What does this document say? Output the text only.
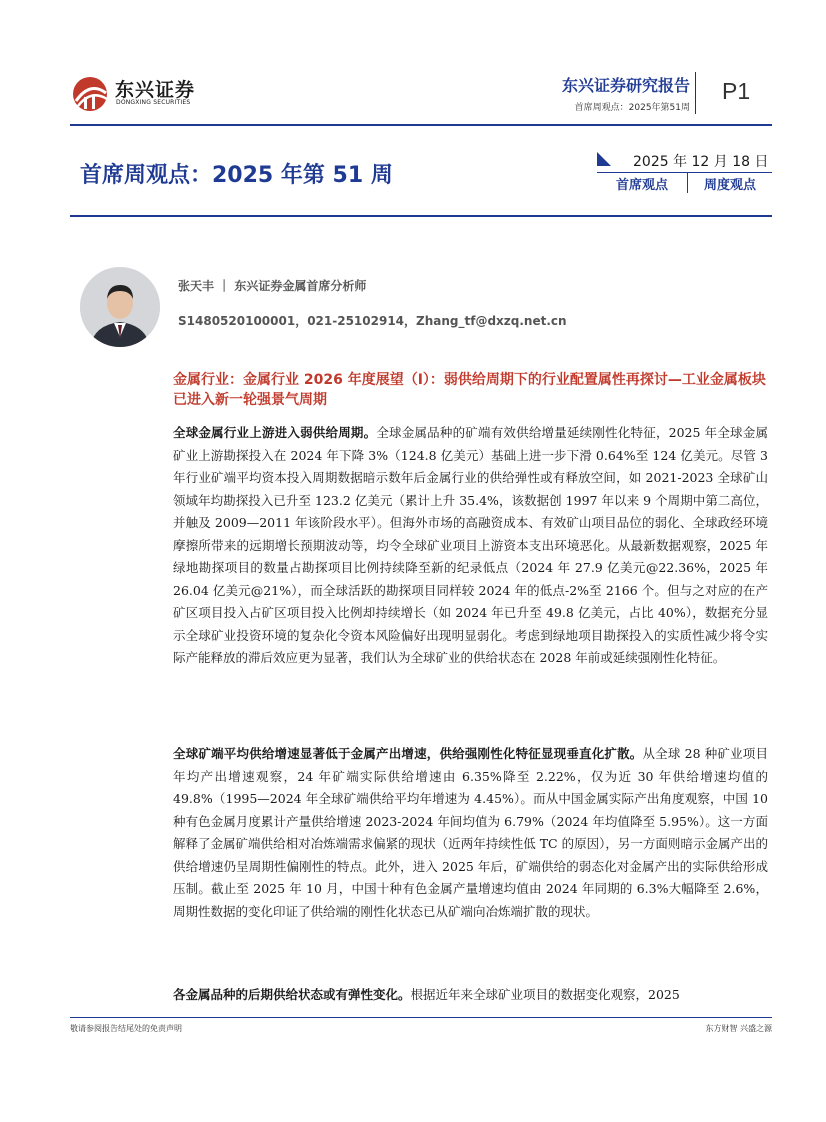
东兴证券
DONGXING SECURITIES
东兴证券研究报告
首席周观点：2025年第51周
P1
首席周观点：2025 年第 51 周
2025 年 12 月 18 日
首席观点	周度观点
张天丰 ｜ 东兴证券金属首席分析师
S1480520100001，021-25102914，Zhang_tf@dxzq.net.cn
金属行业：金属行业 2026 年度展望（Ⅰ）：弱供给周期下的行业配置属性再探讨—工业金属板块已进入新一轮强景气周期
全球金属行业上游进入弱供给周期。全球金属品种的矿端有效供给增量延续刚性化特征，2025 年全球金属矿业上游勘探投入在 2024 年下降 3%（124.8 亿美元）基础上进一步下滑 0.64%至 124 亿美元。尽管 3 年行业矿端平均资本投入周期数据暗示数年后金属行业的供给弹性或有释放空间，如 2021-2023 全球矿山领域年均勘探投入已升至 123.2 亿美元（累计上升 35.4%，该数据创 1997 年以来 9 个周期中第二高位，并触及 2009—2011 年该阶段水平）。但海外市场的高融资成本、有效矿山项目品位的弱化、全球政经环境摩擦所带来的远期增长预期波动等，均令全球矿业项目上游资本支出环境恶化。从最新数据观察，2025 年绿地勘探项目的数量占勘探项目比例持续降至新的纪录低点（2024 年 27.9 亿美元@22.36%，2025 年 26.04 亿美元@21%），而全球活跃的勘探项目同样较 2024 年的低点-2%至 2166 个。但与之对应的在产矿区项目投入占矿区项目投入比例却持续增长（如 2024 年已升至 49.8 亿美元，占比 40%），数据充分显示全球矿业投资环境的复杂化令资本风险偏好出现明显弱化。考虑到绿地项目勘探投入的实质性减少将令实际产能释放的滞后效应更为显著，我们认为全球矿业的供给状态在 2028 年前或延续强刚性化特征。
全球矿端平均供给增速显著低于金属产出增速，供给强刚性化特征显现垂直化扩散。从全球 28 种矿业项目年均产出增速观察，24 年矿端实际供给增速由 6.35%降至 2.22%，仅为近 30 年供给增速均值的 49.8%（1995—2024 年全球矿端供给平均年增速为 4.45%）。而从中国金属实际产出角度观察，中国 10 种有色金属月度累计产量供给增速 2023-2024 年间均值为 6.79%（2024 年均值降至 5.95%）。这一方面解释了金属矿端供给相对冶炼端需求偏紧的现状（近两年持续性低 TC 的原因），另一方面则暗示金属产出的供给增速仍呈周期性偏刚性的特点。此外，进入 2025 年后，矿端供给的弱态化对金属产出的实际供给形成压制。截止至 2025 年 10 月，中国十种有色金属产量增速均值由 2024 年同期的 6.3%大幅降至 2.6%，周期性数据的变化印证了供给端的刚性化状态已从矿端向冶炼端扩散的现状。
各金属品种的后期供给状态或有弹性变化。根据近年来全球矿业项目的数据变化观察，2025
敬请参阅报告结尾处的免责声明	东方财智 兴盛之源
